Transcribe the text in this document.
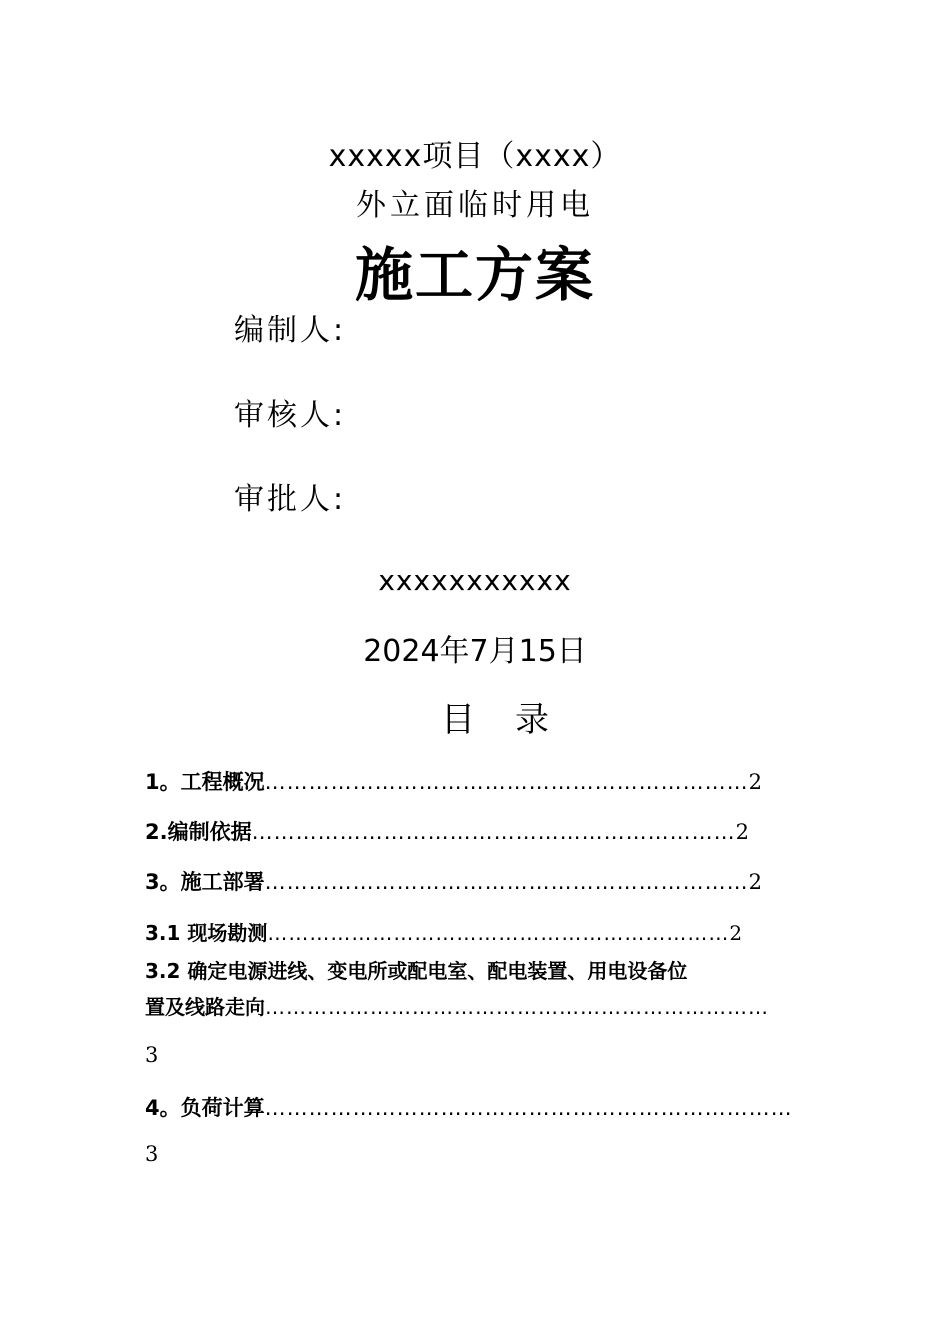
xxxxx项目（xxxx）
外立面临时用电
施工方案
编制人:
审核人:
审批人:
xxxxxxxxxxx
2024年7月15日
目录
1。工程概况…………………………………………………………2
2.编制依据…………………………………………………………2
3。施工部署…………………………………………………………2
3.1 现场勘测…………………………………………………………2
3.2 确定电源进线、变电所或配电室、配电装置、用电设备位
置及线路走向………………………………………………………………
3
4。负荷计算………………………………………………………………
3
